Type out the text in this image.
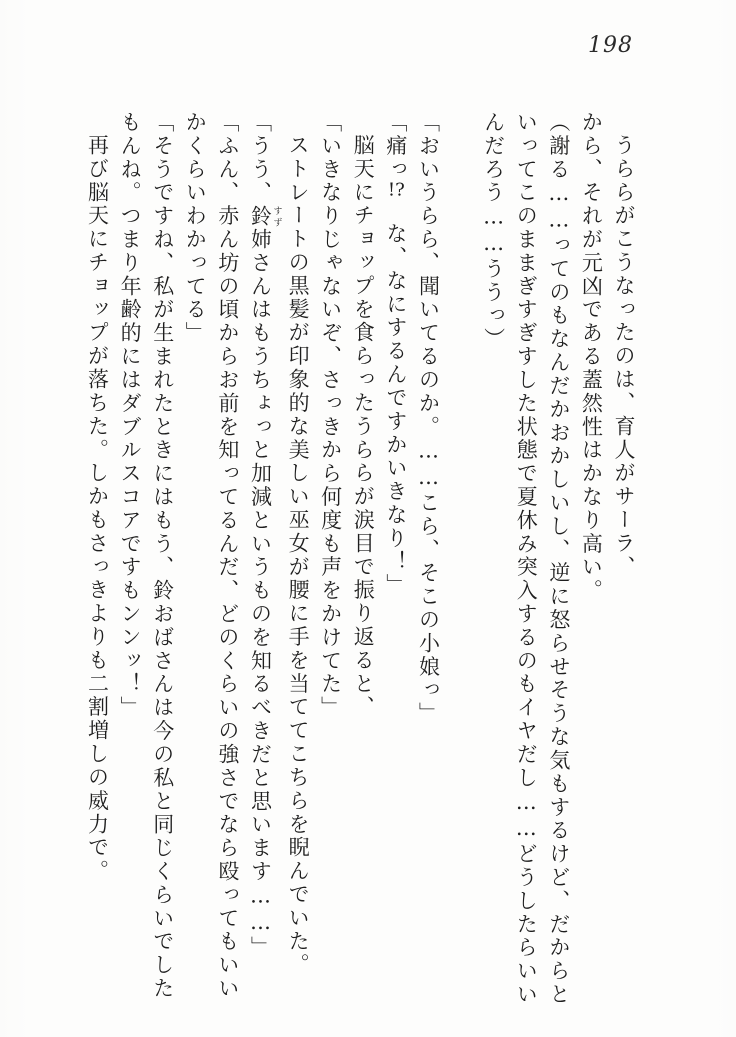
198

うららがこうなったのは、育人がサーラ、

から、それが元凶である蓋然性はかなり高い。

（謝る……ってのもなんだかおかしいし、逆に怒らせそうな気もするけど、だからと

いってこのままぎすぎすした状態で夏休み突入するのもイヤだし……どうしたらいい

んだろう……ううっ）

「おいうらら、聞いてるのか。……こら、そこの小娘っ」

「痛っ!?　な、なにするんですかいきなり！」

脳天にチョップを食らったうららが涙目で振り返ると、

「いきなりじゃないぞ、さっきから何度も声をかけてた」

ストレートの黒髪が印象的な美しい巫女が腰に手を当ててこちらを睨んでいた。

「うう、鈴 すず姉さんはもうちょっと加減というものを知るべきだと思います……」

「ふん、赤ん坊の頃からお前を知ってるんだ、どのくらいの強さでなら殴ってもいい

かくらいわかってる」

「そうですね、私が生まれたときにはもう、鈴おばさんは今の私と同じくらいでした

もんね。つまり年齢的にはダブルスコアですもンンッ！」

再び脳天にチョップが落ちた。しかもさっきよりも二割増しの威力で。
